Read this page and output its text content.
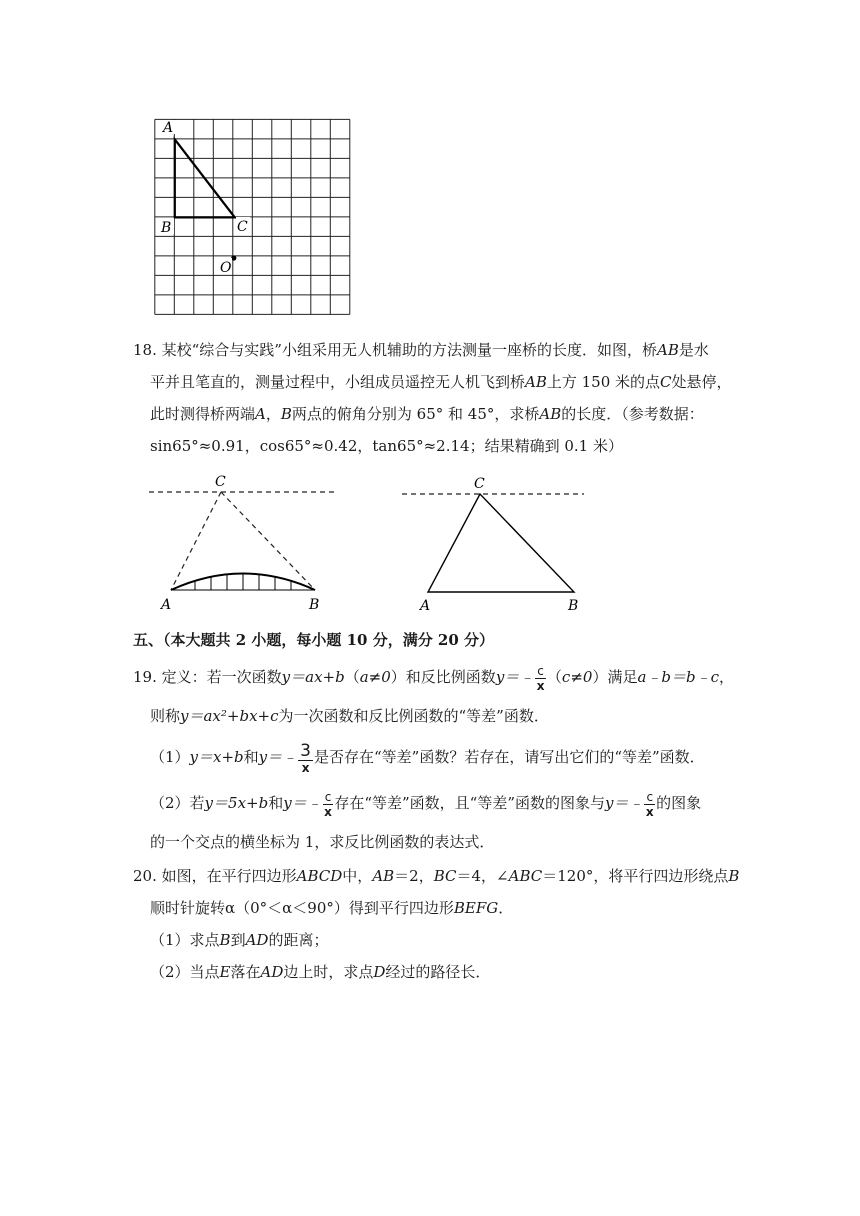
A
B	C
O
18. 某校“综合与实践”小组采用无人机辅助的方法测量一座桥的长度．如图，桥AB是水
平并且笔直的，测量过程中，小组成员遥控无人机飞到桥AB上方 150 米的点C处悬停，
此时测得桥两端A，B两点的俯角分别为 65° 和 45°，求桥AB的长度．（参考数据：
sin65°≈0.91，cos65°≈0.42，tan65°≈2.14；结果精确到 0.1 米）
C
A	B
C
A	B
五、（本大题共 2 小题，每小题 10 分，满分 20 分）
19. 定义：若一次函数y＝ax+b（a≠0）和反比例函数y＝﹣ $\frac{c}{x} (c\ne 0)$满足a﹣b＝b﹣c，
则称y＝ax²+bx+c为一次函数和反比例函数的“等差”函数．
（1）y＝x+b和y＝﹣ $\frac{3}{x}$ 是否存在“等差”函数？若存在，请写出它们的“等差”函数．
（2）若y＝5x+b和y＝﹣ $\frac{c}{x}$ 存在“等差”函数，且“等差”函数的图象与y＝﹣ $\frac{c}{x}$ 的图象
的一个交点的横坐标为 1，求反比例函数的表达式．
20. 如图，在平行四边形ABCD中，AB＝2，BC＝4，∠ABC＝120°，将平行四边形绕点B
顺时针旋转α（0°＜α＜90°）得到平行四边形BEFG．
（1）求点B到AD的距离；
（2）当点E落在AD边上时，求点D经过的路径长．
